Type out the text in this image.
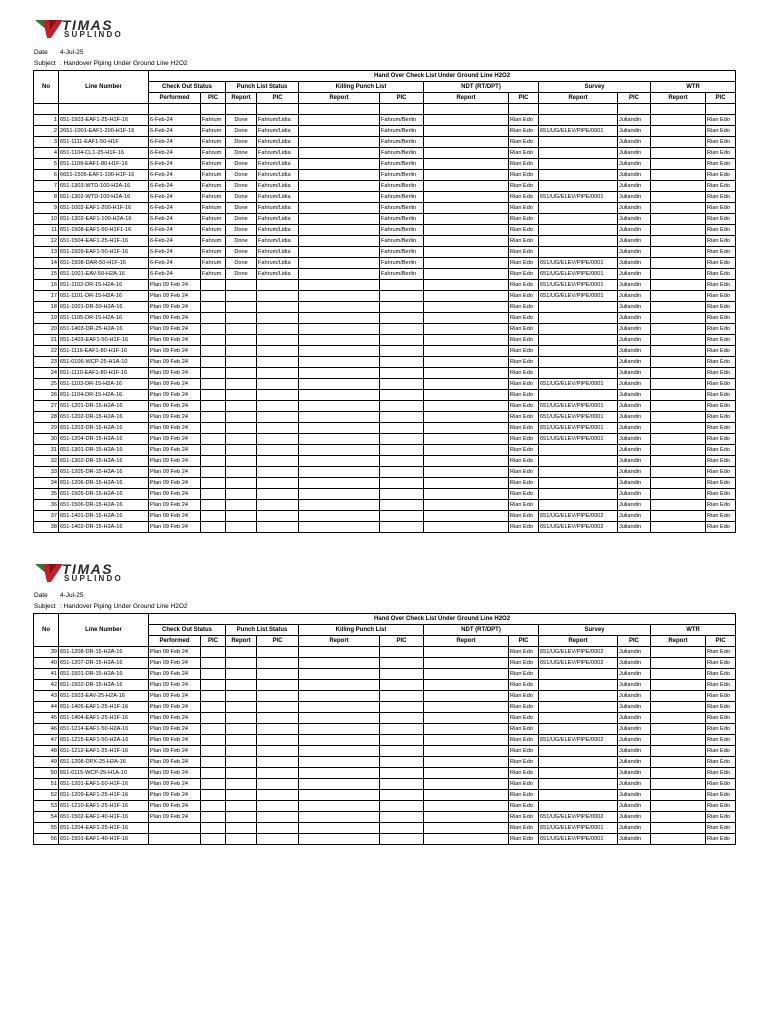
TIMAS
SUPLINDO
Date 4-Jul-25
Subject : Handover Piping Under Ground Line H2O2
No	Line Number	Hand Over Check List Under Ground Line H2O2											
		Check Out Status		Punch List Status		Killing Punch List		NDT (RT/DPT)		Survey		WTR	
		Performed	PIC	Report	PIC	Report	PIC	Report	PIC	Report	PIC	Report	PIC

1	651-1503-EAF1-25-H1F-16	6-Feb-24	Fahrum	Done	Fahrum/Lidia		Fahrum/Berlin		Rian Edo		Juliandin		Rian Edo
2	2651-1001-EAF1-200-H1F-16	6-Feb-24	Fahrum	Done	Fahrum/Lidia		Fahrum/Berlin		Rian Edo	651/UG/ELEV/PIPE/0001	Juliandin		Rian Edo
3	651-1111-EAF1-50-H1F	6-Feb-24	Fahrum	Done	Fahrum/Lidia		Fahrum/Berlin		Rian Edo		Juliandin		Rian Edo
4	651-1104-CL1-25-H1F-16	6-Feb-24	Fahrum	Done	Fahrum/Lidia		Fahrum/Berlin		Rian Edo		Juliandin		Rian Edo
5	651-1109-EAF1-80-H1F-16	6-Feb-24	Fahrum	Done	Fahrum/Lidia		Fahrum/Berlin		Rian Edo		Juliandin		Rian Edo
6	6651-1505-EAF1-100-H1F-16	6-Feb-24	Fahrum	Done	Fahrum/Lidia		Fahrum/Berlin		Rian Edo		Juliandin		Rian Edo
7	651-1303-WTD-100-H2A-16	6-Feb-24	Fahrum	Done	Fahrum/Lidia		Fahrum/Berlin		Rian Edo		Juliandin		Rian Edo
8	651-1302-WTD-100-H2A-16	6-Feb-24	Fahrum	Done	Fahrum/Lidia		Fahrum/Berlin		Rian Edo	651/UG/ELEV/PIPE/0001	Juliandin		Rian Edo
9	651-1002-EAF1-200-H1F-16	6-Feb-24	Fahrum	Done	Fahrum/Lidia		Fahrum/Berlin		Rian Edo		Juliandin		Rian Edo
10	651-1302-EAF1-100-H2A-16	6-Feb-24	Fahrum	Done	Fahrum/Lidia		Fahrum/Berlin		Rian Edo		Juliandin		Rian Edo
11	651-1508-EAF1-50-H1F1-16	6-Feb-24	Fahrum	Done	Fahrum/Lidia		Fahrum/Berlin		Rian Edo		Juliandin		Rian Edo
12	651-1504-EAF1-25-H1F-16	6-Feb-24	Fahrum	Done	Fahrum/Lidia		Fahrum/Berlin		Rian Edo		Juliandin		Rian Edo
13	651-1509-EAF1-50-H1F-16	6-Feb-24	Fahrum	Done	Fahrum/Lidia		Fahrum/Berlin		Rian Edo		Juliandin		Rian Edo
14	651-1508-DAR-50-H1F-16	6-Feb-24	Fahrum	Done	Fahrum/Lidia		Fahrum/Berlin		Rian Edo	651/UG/ELEV/PIPE/0001	Juliandin		Rian Edo
15	651-1001-EAV-50-H2A-16	6-Feb-24	Fahrum	Done	Fahrum/Lidia		Fahrum/Berlin		Rian Edo	651/UG/ELEV/PIPE/0001	Juliandin		Rian Edo
16	651-1102-DR-15-H2A-16	Plan 09 Feb 24							Rian Edo	651/UG/ELEV/PIPE/0001	Juliandin		Rian Edo
17	651-1101-DR-15-H2A-16	Plan 09 Feb 24							Rian Edo	651/UG/ELEV/PIPE/0001	Juliandin		Rian Edo
18	651-1001-DR-50-H2A-16	Plan 09 Feb 24							Rian Edo		Juliandin		Rian Edo
19	651-1105-DR-15-H2A-16	Plan 09 Feb 24							Rian Edo		Juliandin		Rian Edo
20	651-1403-DR-25-H2A-16	Plan 09 Feb 24							Rian Edo		Juliandin		Rian Edo
21	651-1403-EAF1-50-H1F-16	Plan 09 Feb 24							Rian Edo		Juliandin		Rian Edo
22	651-1116-EAF1-80-H1F-16	Plan 09 Feb 24							Rian Edo		Juliandin		Rian Edo
23	651-0106-WCP-25-H1A-10	Plan 09 Feb 24							Rian Edo		Juliandin		Rian Edo
24	651-1110-EAF1-80-H1F-16	Plan 09 Feb 24							Rian Edo		Juliandin		Rian Edo
25	651-1103-DR-15-H2A-16	Plan 09 Feb 24							Rian Edo	651/UG/ELEV/PIPE/0001	Juliandin		Rian Edo
26	651-1104-DR-15-H2A-16	Plan 09 Feb 24							Rian Edo		Juliandin		Rian Edo
27	651-1201-DR-15-H2A-16	Plan 09 Feb 24							Rian Edo	651/UG/ELEV/PIPE/0001	Juliandin		Rian Edo
28	651-1202-DR-15-H2A-16	Plan 09 Feb 24							Rian Edo	651/UG/ELEV/PIPE/0001	Juliandin		Rian Edo
29	651-1203-DR-15-H2A-16	Plan 09 Feb 24							Rian Edo	651/UG/ELEV/PIPE/0001	Juliandin		Rian Edo
30	651-1204-DR-15-H2A-16	Plan 09 Feb 24							Rian Edo	651/UG/ELEV/PIPE/0001	Juliandin		Rian Edo
31	651-1301-DR-15-H2A-16	Plan 09 Feb 24							Rian Edo		Juliandin		Rian Edo
32	651-1302-DR-15-H2A-16	Plan 09 Feb 24							Rian Edo		Juliandin		Rian Edo
33	651-1205-DR-15-H2A-16	Plan 09 Feb 24							Rian Edo		Juliandin		Rian Edo
34	651-1206-DR-15-H2A-16	Plan 09 Feb 24							Rian Edo		Juliandin		Rian Edo
35	651-1505-DR-15-H2A-16	Plan 09 Feb 24							Rian Edo		Juliandin		Rian Edo
36	651-1506-DR-15-H2A-16	Plan 09 Feb 24							Rian Edo		Juliandin		Rian Edo
37	651-1401-DR-15-H2A-16	Plan 09 Feb 24							Rian Edo	651/UG/ELEV/PIPE/0002	Juliandin		Rian Edo
38	651-1402-DR-15-H2A-16	Plan 09 Feb 24							Rian Edo	651/UG/ELEV/PIPE/0002	Juliandin		Rian Edo
TIMAS
SUPLINDO
Date 4-Jul-25
Subject : Handover Piping Under Ground Line H2O2
No	Line Number	Hand Over Check List Under Ground Line H2O2											
		Check Out Status		Punch List Status		Killing Punch List		NDT (RT/DPT)		Survey		WTR	
		Performed	PIC	Report	PIC	Report	PIC	Report	PIC	Report	PIC	Report	PIC
39	651-1208-DR-15-H2A-16	Plan 09 Feb 24							Rian Edo	651/UG/ELEV/PIPE/0002	Juliandin		Rian Edo
40	651-1207-DR-15-H2A-16	Plan 09 Feb 24							Rian Edo	651/UG/ELEV/PIPE/0002	Juliandin		Rian Edo
41	651-1501-DR-15-H2A-16	Plan 09 Feb 24							Rian Edo		Juliandin		Rian Edo
42	651-1502-DR-15-H2A-16	Plan 09 Feb 24							Rian Edo		Juliandin		Rian Edo
43	651-1503-EAV-25-H2A-16	Plan 09 Feb 24							Rian Edo		Juliandin		Rian Edo
44	651-1405-EAF1-25-H1F-16	Plan 09 Feb 24							Rian Edo		Juliandin		Rian Edo
45	651-1404-EAF1-25-H1F-16	Plan 09 Feb 24							Rian Edo		Juliandin		Rian Edo
46	651-1214-EAF1-50-H2A-16	Plan 09 Feb 24							Rian Edo		Juliandin		Rian Edo
47	651-1215-EAF1-50-H2A-16	Plan 09 Feb 24							Rian Edo	651/UG/ELEV/PIPE/0002	Juliandin		Rian Edo
48	651-1212-EAF1-25-H1F-16	Plan 09 Feb 24							Rian Edo		Juliandin		Rian Edo
49	651-1208-DPX-25-H2A-16	Plan 09 Feb 24							Rian Edo		Juliandin		Rian Edo
50	651-0115-WCP-25-H1A-10	Plan 09 Feb 24							Rian Edo		Juliandin		Rian Edo
51	651-1201-EAF1-50-H1F-16	Plan 09 Feb 24							Rian Edo		Juliandin		Rian Edo
52	651-1209-EAF1-25-H1F-16	Plan 09 Feb 24							Rian Edo		Juliandin		Rian Edo
53	651-1210-EAF1-25-H1F-16	Plan 09 Feb 24							Rian Edo		Juliandin		Rian Edo
54	651-1502-EAF1-40-H1F-16	Plan 09 Feb 24							Rian Edo	651/UG/ELEV/PIPE/0002	Juliandin		Rian Edo
55	651-1204-EAF1-25-H1F-16								Rian Edo	651/UG/ELEV/PIPE/0001	Juliandin		Rian Edo
56	651-1501-EAF1-40-H1F-16								Rian Edo	651/UG/ELEV/PIPE/0001	Juliandin		Rian Edo
